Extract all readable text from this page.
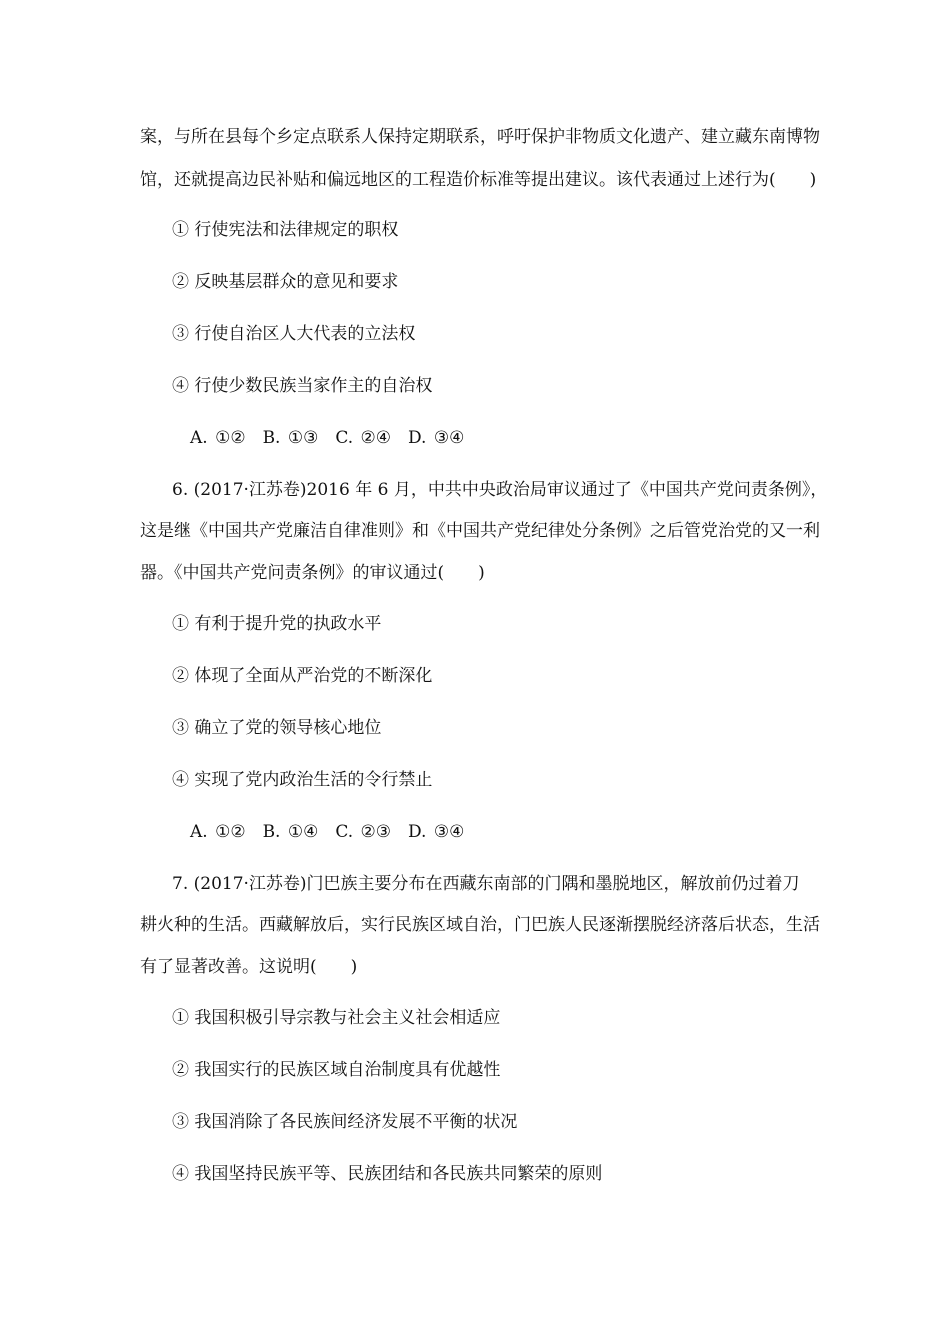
案，与所在县每个乡定点联系人保持定期联系，呼吁保护非物质文化遗产、建立藏东南博物
馆，还就提高边民补贴和偏远地区的工程造价标准等提出建议。该代表通过上述行为(　　)
① 行使宪法和法律规定的职权
② 反映基层群众的意见和要求
③ 行使自治区人大代表的立法权
④ 行使少数民族当家作主的自治权
A. ①②　B. ①③　C. ②④　D. ③④
6. (2017·江苏卷)2016 年 6 月，中共中央政治局审议通过了《中国共产党问责条例》，
这是继《中国共产党廉洁自律准则》和《中国共产党纪律处分条例》之后管党治党的又一利
器。《中国共产党问责条例》的审议通过(　　)
① 有利于提升党的执政水平
② 体现了全面从严治党的不断深化
③ 确立了党的领导核心地位
④ 实现了党内政治生活的令行禁止
A. ①②　B. ①④　C. ②③　D. ③④
7. (2017·江苏卷)门巴族主要分布在西藏东南部的门隅和墨脱地区，解放前仍过着刀
耕火种的生活。西藏解放后，实行民族区域自治，门巴族人民逐渐摆脱经济落后状态，生活
有了显著改善。这说明(　　)
① 我国积极引导宗教与社会主义社会相适应
② 我国实行的民族区域自治制度具有优越性
③ 我国消除了各民族间经济发展不平衡的状况
④ 我国坚持民族平等、民族团结和各民族共同繁荣的原则
